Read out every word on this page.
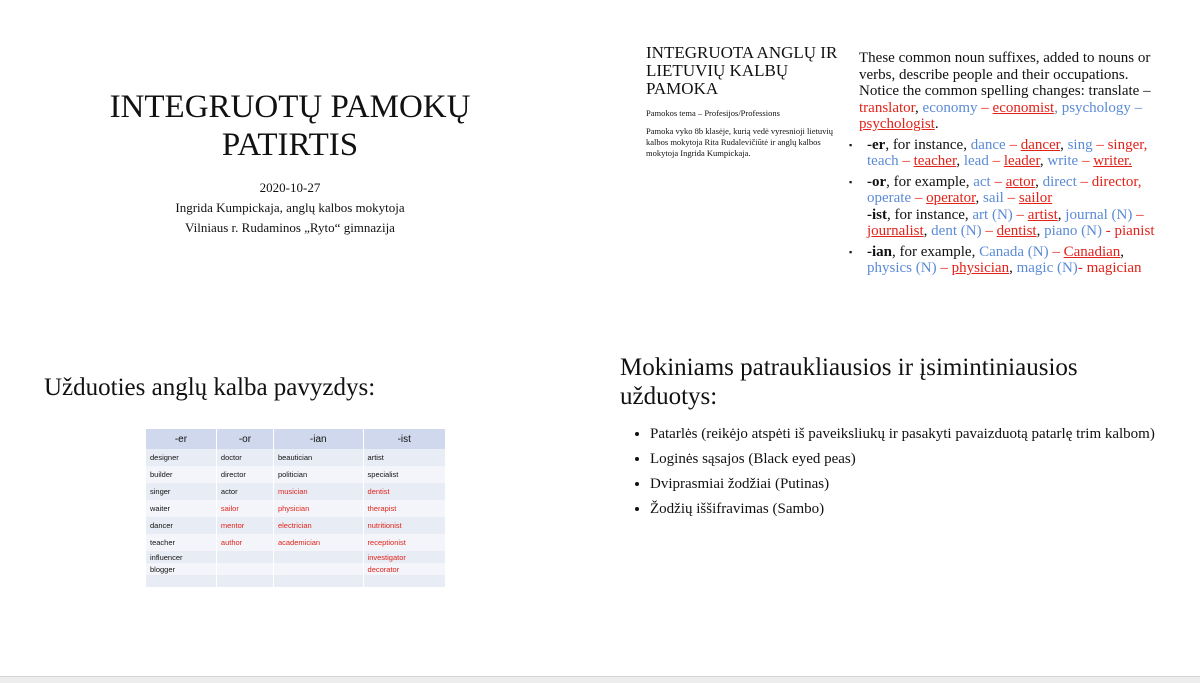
INTEGRUOTŲ PAMOKŲ
PATIRTIS
2020-10-27
Ingrida Kumpickaja, anglų kalbos mokytoja
Vilniaus r. Rudaminos „Ryto“ gimnazija
INTEGRUOTA ANGLŲ IR LIETUVIŲ KALBŲ PAMOKA
Pamokos tema – Profesijos/Professions
Pamoka vyko 8b klasėje, kurią vedė vyresnioji lietuvių kalbos mokytoja Rita Rudalevičiūtė ir anglų kalbos mokytoja Ingrida Kumpickaja.
These common noun suffixes, added to nouns or
verbs, describe people and their occupations.
Notice the common spelling changes: translate –
translator, economy – economist, psychology –
psychologist.
▪ -er, for instance, dance – dancer, sing – singer,
teach – teacher, lead – leader, write – writer.
▪ -or, for example, act – actor, direct – director,
operate – operator, sail – sailor
-ist, for instance, art (N) – artist, journal (N) –
journalist, dent (N) – dentist, piano (N) - pianist
▪ -ian, for example, Canada (N) – Canadian,
physics (N) – physician, magic (N)- magician
Užduoties anglų kalba pavyzdys:
-er	-or	-ian	-ist
designer	doctor	beautician	artist
builder	director	politician	specialist
singer	actor	musician	dentist
waiter	sailor	physician	therapist
dancer	mentor	electrician	nutritionist
teacher	author	academician	receptionist
influencer			investigator
blogger			decorator

Mokiniams patraukliausios ir įsimintiniausios užduotys:
• Patarlės (reikėjo atspėti iš paveiksliukų ir pasakyti pavaizduotą patarlę trim kalbom)
• Loginės sąsajos (Black eyed peas)
• Dviprasmiai žodžiai (Putinas)
• Žodžių iššifravimas (Sambo)
